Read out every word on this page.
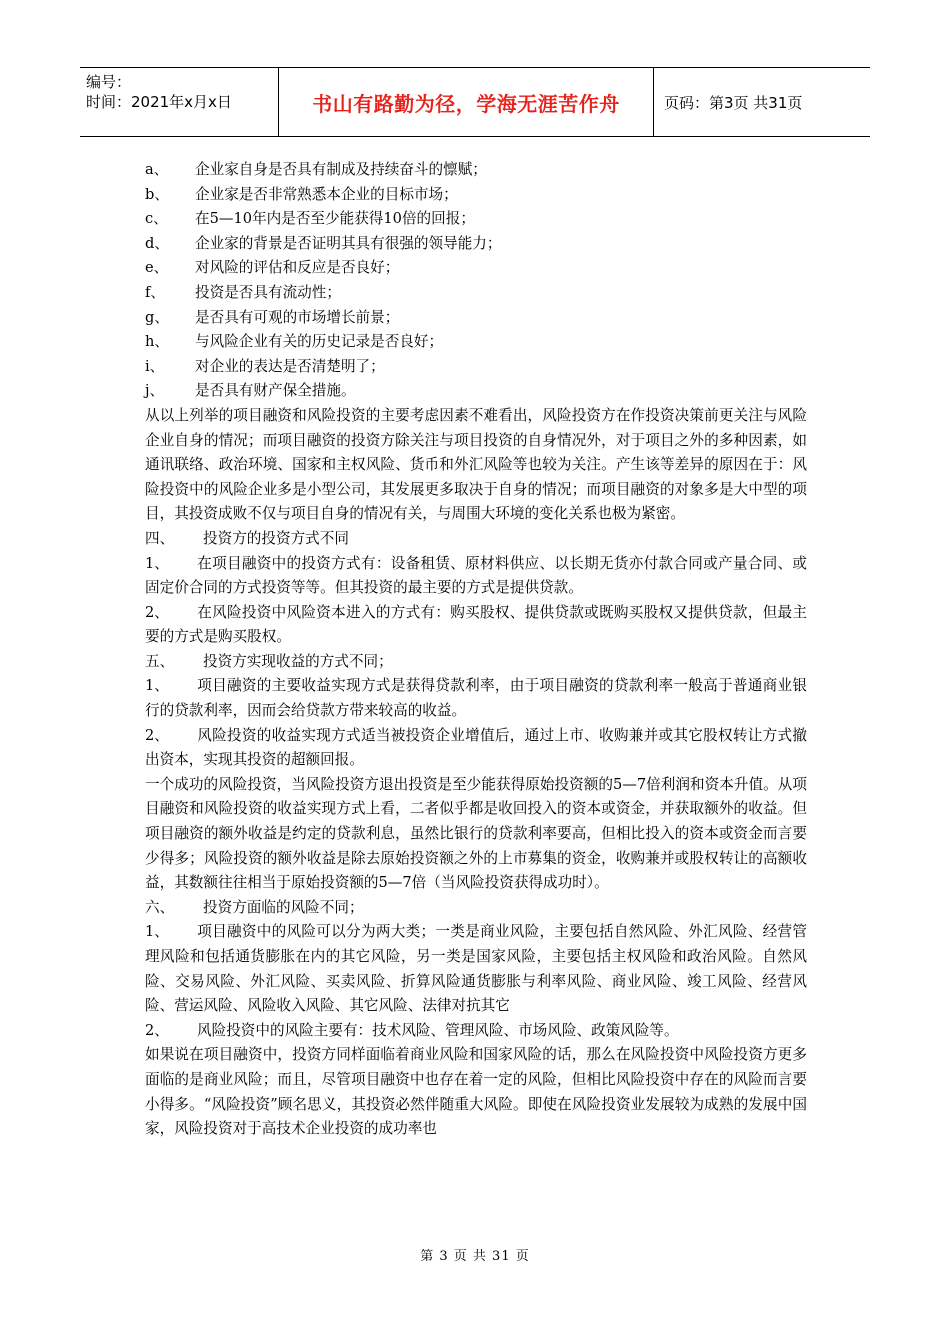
编号：
时间：2021年x月x日	书山有路勤为径，学海无涯苦作舟	页码：第3页 共31页
a、	企业家自身是否具有制成及持续奋斗的懔赋；
b、	企业家是否非常熟悉本企业的目标市场；
c、	在5—10年内是否至少能获得10倍的回报；
d、	企业家的背景是否证明其具有很强的领导能力；
e、	对风险的评估和反应是否良好；
f、	投资是否具有流动性；
g、	是否具有可观的市场增长前景；
h、	与风险企业有关的历史记录是否良好；
i、	对企业的表达是否清楚明了；
j、	是否具有财产保全措施。

从以上列举的项目融资和风险投资的主要考虑因素不难看出，风险投资方在作投资决策前更关注与风险企业自身的情况；而项目融资的投资方除关注与项目投资的自身情况外，对于项目之外的多种因素，如通讯联络、政治环境、国家和主权风险、货币和外汇风险等也较为关注。产生该等差异的原因在于：风险投资中的风险企业多是小型公司，其发展更多取决于自身的情况；而项目融资的对象多是大中型的项目，其投资成败不仅与项目自身的情况有关，与周围大环境的变化关系也极为紧密。

四、	投资方的投资方式不同

1、 在项目融资中的投资方式有：设备租赁、原材料供应、以长期无货亦付款合同或产量合同、或固定价合同的方式投资等等。但其投资的最主要的方式是提供贷款。

2、 在风险投资中风险资本进入的方式有：购买股权、提供贷款或既购买股权又提供贷款，但最主要的方式是购买股权。

五、	投资方实现收益的方式不同；

1、 项目融资的主要收益实现方式是获得贷款利率，由于项目融资的贷款利率一般高于普通商业银行的贷款利率，因而会给贷款方带来较高的收益。

2、 风险投资的收益实现方式适当被投资企业增值后，通过上市、收购兼并或其它股权转让方式撤出资本，实现其投资的超额回报。

一个成功的风险投资，当风险投资方退出投资是至少能获得原始投资额的5—7倍利润和资本升值。从项目融资和风险投资的收益实现方式上看，二者似乎都是收回投入的资本或资金，并获取额外的收益。但项目融资的额外收益是约定的贷款利息，虽然比银行的贷款利率要高，但相比投入的资本或资金而言要少得多；风险投资的额外收益是除去原始投资额之外的上市募集的资金，收购兼并或股权转让的高额收益，其数额往往相当于原始投资额的5—7倍（当风险投资获得成功时）。

六、	投资方面临的风险不同；

1、 项目融资中的风险可以分为两大类；一类是商业风险，主要包括自然风险、外汇风险、经营管理风险和包括通货膨胀在内的其它风险，另一类是国家风险，主要包括主权风险和政治风险。自然风险、交易风险、外汇风险、买卖风险、折算风险通货膨胀与利率风险、商业风险、竣工风险、经营风险、营运风险、风险收入风险、其它风险、法律对抗其它

2、 风险投资中的风险主要有：技术风险、管理风险、市场风险、政策风险等。

如果说在项目融资中，投资方同样面临着商业风险和国家风险的话，那么在风险投资中风险投资方更多面临的是商业风险；而且，尽管项目融资中也存在着一定的风险，但相比风险投资中存在的风险而言要小得多。“风险投资”顾名思义，其投资必然伴随重大风险。即使在风险投资业发展较为成熟的发展中国家，风险投资对于高技术企业投资的成功率也

第 3 页 共 31 页
